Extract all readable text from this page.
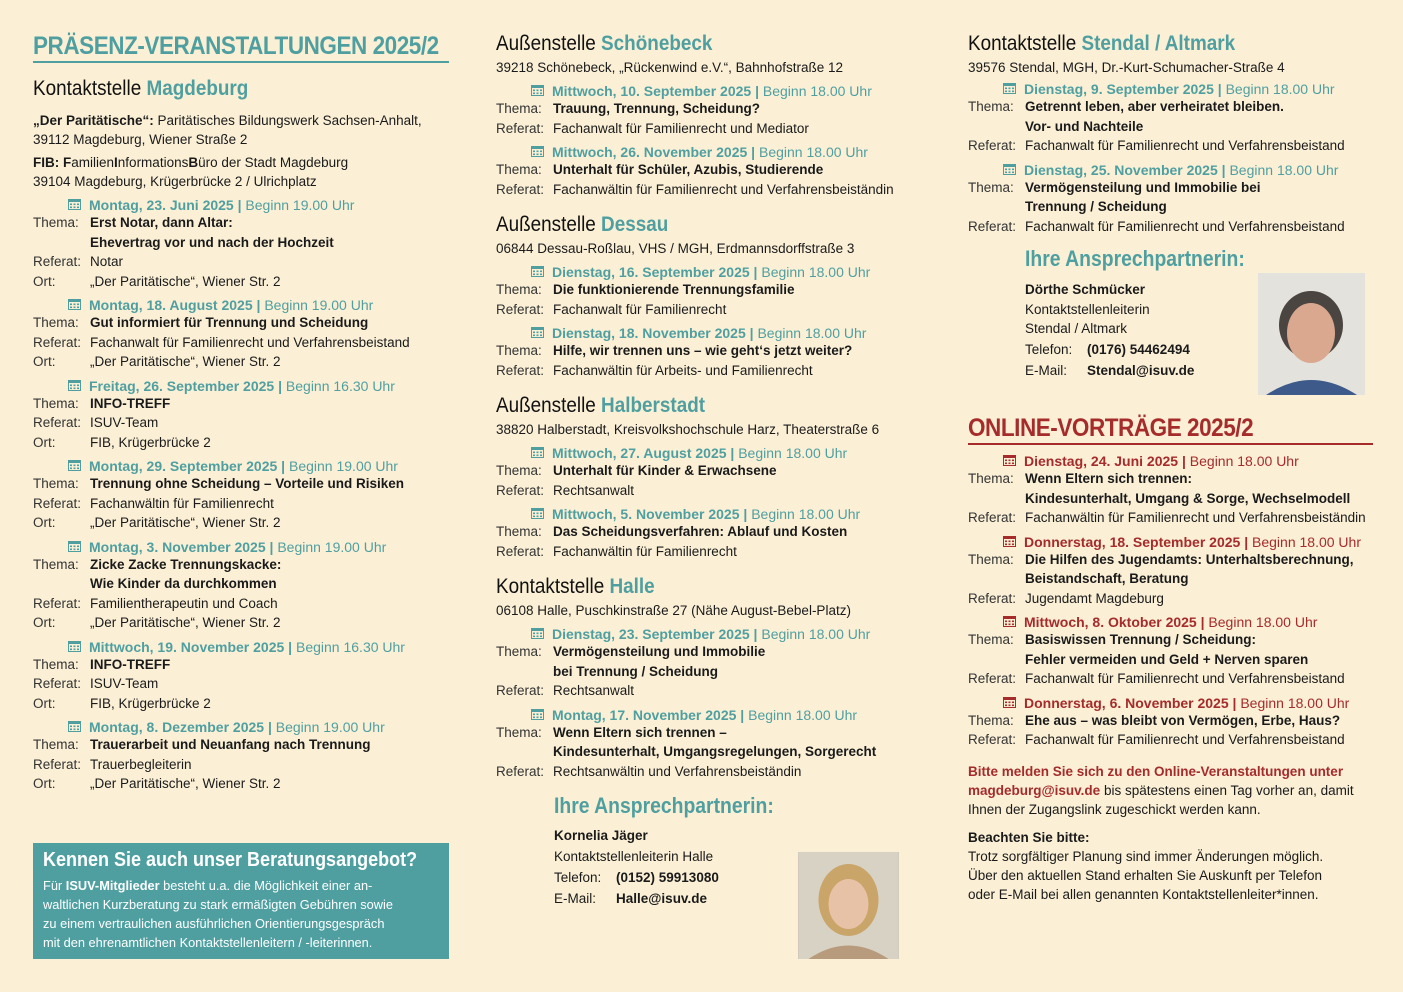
PRÄSENZ-VERANSTALTUNGEN 2025/2
Kontaktstelle Magdeburg
„Der Paritätische“: Paritätisches Bildungswerk Sachsen-Anhalt,
39112 Magdeburg, Wiener Straße 2
FIB: FamilienInformationsBüro der Stadt Magdeburg
39104 Magdeburg, Krügerbrücke 2 / Ulrichplatz
Montag, 23. Juni 2025 | Beginn 19.00 Uhr
Thema: Erst Notar, dann Altar:
Ehevertrag vor und nach der Hochzeit
Referat: Notar
Ort:	„Der Paritätische“, Wiener Str. 2
Montag, 18. August 2025 | Beginn 19.00 Uhr
Thema: Gut informiert für Trennung und Scheidung
Referat: Fachanwalt für Familienrecht und Verfahrensbeistand
Ort:	„Der Paritätische“, Wiener Str. 2
Freitag, 26. September 2025 | Beginn 16.30 Uhr
Thema: INFO-TREFF
Referat: ISUV-Team
Ort:	FIB, Krügerbrücke 2
Montag, 29. September 2025 | Beginn 19.00 Uhr
Thema: Trennung ohne Scheidung – Vorteile und Risiken
Referat: Fachanwältin für Familienrecht
Ort:	„Der Paritätische“, Wiener Str. 2
Montag, 3. November 2025 | Beginn 19.00 Uhr
Thema: Zicke Zacke Trennungskacke:
Wie Kinder da durchkommen
Referat: Familientherapeutin und Coach
Ort:	„Der Paritätische“, Wiener Str. 2
Mittwoch, 19. November 2025 | Beginn 16.30 Uhr
Thema: INFO-TREFF
Referat: ISUV-Team
Ort:	FIB, Krügerbrücke 2
Montag, 8. Dezember 2025 | Beginn 19.00 Uhr
Thema: Trauerarbeit und Neuanfang nach Trennung
Referat: Trauerbegleiterin
Ort:	„Der Paritätische“, Wiener Str. 2
Kennen Sie auch unser Beratungsangebot?
Für ISUV-Mitglieder besteht u.a. die Möglichkeit einer an-
waltlichen Kurzberatung zu stark ermäßigten Gebühren sowie
zu einem vertraulichen ausführlichen Orientierungsgespräch
mit den ehrenamtlichen Kontaktstellenleitern / -leiterinnen.
Außenstelle Schönebeck
39218 Schönebeck, „Rückenwind e.V.“, Bahnhofstraße 12
Mittwoch, 10. September 2025 | Beginn 18.00 Uhr
Thema: Trauung, Trennung, Scheidung?
Referat: Fachanwalt für Familienrecht und Mediator
Mittwoch, 26. November 2025 | Beginn 18.00 Uhr
Thema: Unterhalt für Schüler, Azubis, Studierende
Referat: Fachanwältin für Familienrecht und Verfahrensbeiständin
Außenstelle Dessau
06844 Dessau-Roßlau, VHS / MGH, Erdmannsdorffstraße 3
Dienstag, 16. September 2025 | Beginn 18.00 Uhr
Thema: Die funktionierende Trennungsfamilie
Referat: Fachanwalt für Familienrecht
Dienstag, 18. November 2025 | Beginn 18.00 Uhr
Thema: Hilfe, wir trennen uns – wie geht‘s jetzt weiter?
Referat: Fachanwältin für Arbeits- und Familienrecht
Außenstelle Halberstadt
38820 Halberstadt, Kreisvolkshochschule Harz, Theaterstraße 6
Mittwoch, 27. August 2025 | Beginn 18.00 Uhr
Thema: Unterhalt für Kinder & Erwachsene
Referat: Rechtsanwalt
Mittwoch, 5. November 2025 | Beginn 18.00 Uhr
Thema: Das Scheidungsverfahren: Ablauf und Kosten
Referat: Fachanwältin für Familienrecht
Kontaktstelle Halle
06108 Halle, Puschkinstraße 27 (Nähe August-Bebel-Platz)
Dienstag, 23. September 2025 | Beginn 18.00 Uhr
Thema: Vermögensteilung und Immobilie
bei Trennung / Scheidung
Referat: Rechtsanwalt
Montag, 17. November 2025 | Beginn 18.00 Uhr
Thema: Wenn Eltern sich trennen –
Kindesunterhalt, Umgangsregelungen, Sorgerecht
Referat: Rechtsanwältin und Verfahrensbeiständin
Ihre Ansprechpartnerin:
Kornelia Jäger
Kontaktstellenleiterin Halle
Telefon:	(0152) 59913080
E-Mail:	Halle@isuv.de
Kontaktstelle Stendal / Altmark
39576 Stendal, MGH, Dr.-Kurt-Schumacher-Straße 4
Dienstag, 9. September 2025 | Beginn 18.00 Uhr
Thema: Getrennt leben, aber verheiratet bleiben.
Vor- und Nachteile
Referat: Fachanwalt für Familienrecht und Verfahrensbeistand
Dienstag, 25. November 2025 | Beginn 18.00 Uhr
Thema: Vermögensteilung und Immobilie bei
Trennung / Scheidung
Referat: Fachanwalt für Familienrecht und Verfahrensbeistand
Ihre Ansprechpartnerin:
Dörthe Schmücker
Kontaktstellenleiterin
Stendal / Altmark
Telefon:	(0176) 54462494
E-Mail:	Stendal@isuv.de
ONLINE-VORTRÄGE 2025/2
Dienstag, 24. Juni 2025 | Beginn 18.00 Uhr
Thema: Wenn Eltern sich trennen:
Kindesunterhalt, Umgang & Sorge, Wechselmodell
Referat: Fachanwältin für Familienrecht und Verfahrensbeiständin
Donnerstag, 18. September 2025 | Beginn 18.00 Uhr
Thema: Die Hilfen des Jugendamts: Unterhaltsberechnung,
Beistandschaft, Beratung
Referat: Jugendamt Magdeburg
Mittwoch, 8. Oktober 2025 | Beginn 18.00 Uhr
Thema: Basiswissen Trennung / Scheidung:
Fehler vermeiden und Geld + Nerven sparen
Referat: Fachanwalt für Familienrecht und Verfahrensbeistand
Donnerstag, 6. November 2025 | Beginn 18.00 Uhr
Thema: Ehe aus – was bleibt von Vermögen, Erbe, Haus?
Referat: Fachanwalt für Familienrecht und Verfahrensbeistand
Bitte melden Sie sich zu den Online-Veranstaltungen unter
magdeburg@isuv.de bis spätestens einen Tag vorher an, damit
Ihnen der Zugangslink zugeschickt werden kann.
Beachten Sie bitte:
Trotz sorgfältiger Planung sind immer Änderungen möglich.
Über den aktuellen Stand erhalten Sie Auskunft per Telefon
oder E-Mail bei allen genannten Kontaktstellenleiter*innen.
